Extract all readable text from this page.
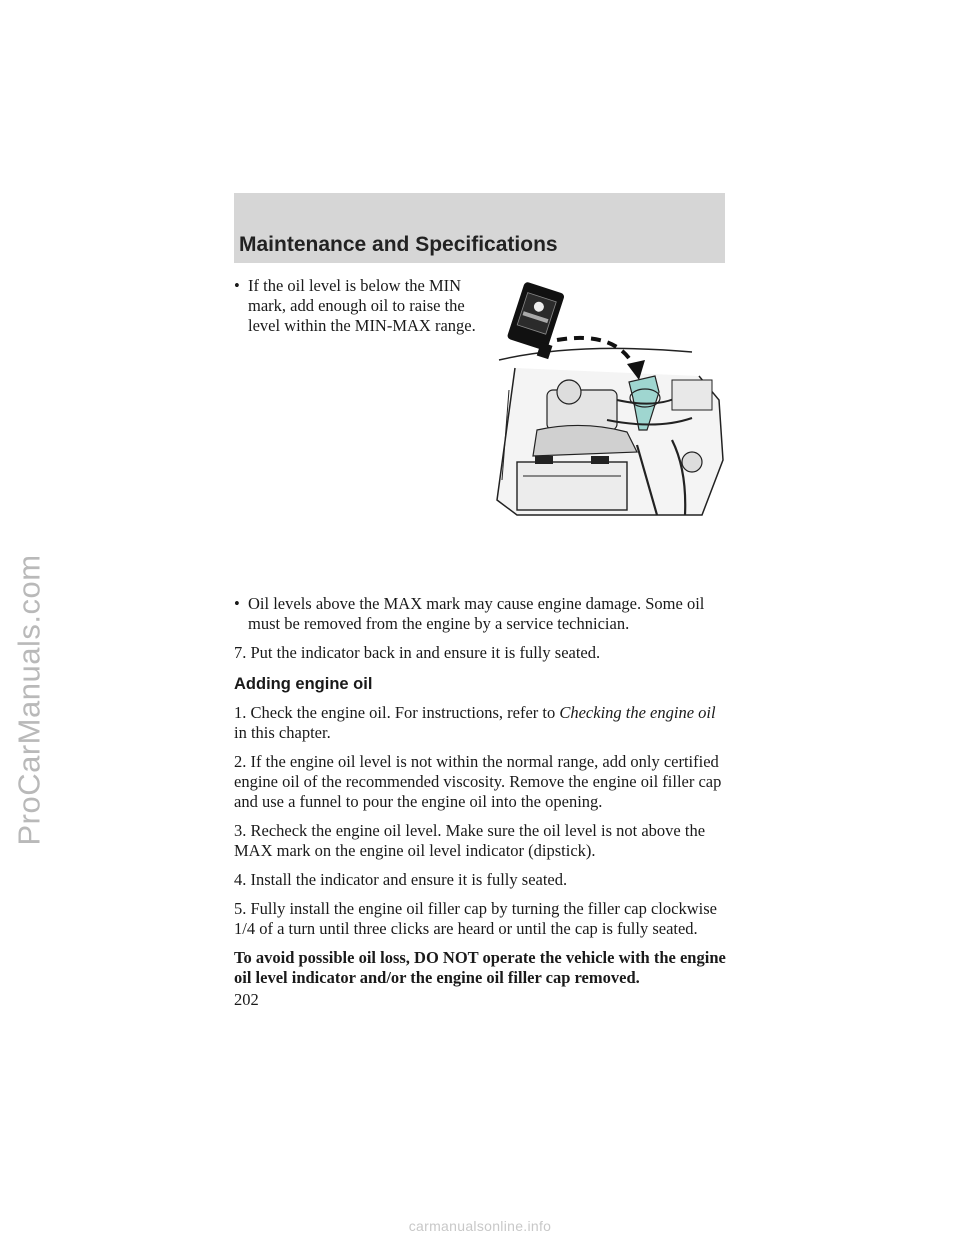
ProCarManuals.com
Maintenance and Specifications
• If the oil level is below the MIN mark, add enough oil to raise the level within the MIN-MAX range.
• Oil levels above the MAX mark may cause engine damage. Some oil must be removed from the engine by a service technician.

7. Put the indicator back in and ensure it is fully seated.

Adding engine oil

1. Check the engine oil. For instructions, refer to Checking the engine oil in this chapter.

2. If the engine oil level is not within the normal range, add only certified engine oil of the recommended viscosity. Remove the engine oil filler cap and use a funnel to pour the engine oil into the opening.

3. Recheck the engine oil level. Make sure the oil level is not above the MAX mark on the engine oil level indicator (dipstick).

4. Install the indicator and ensure it is fully seated.

5. Fully install the engine oil filler cap by turning the filler cap clockwise 1/4 of a turn until three clicks are heard or until the cap is fully seated.

To avoid possible oil loss, DO NOT operate the vehicle with the engine oil level indicator and/or the engine oil filler cap removed.

202
carmanualsonline.info
